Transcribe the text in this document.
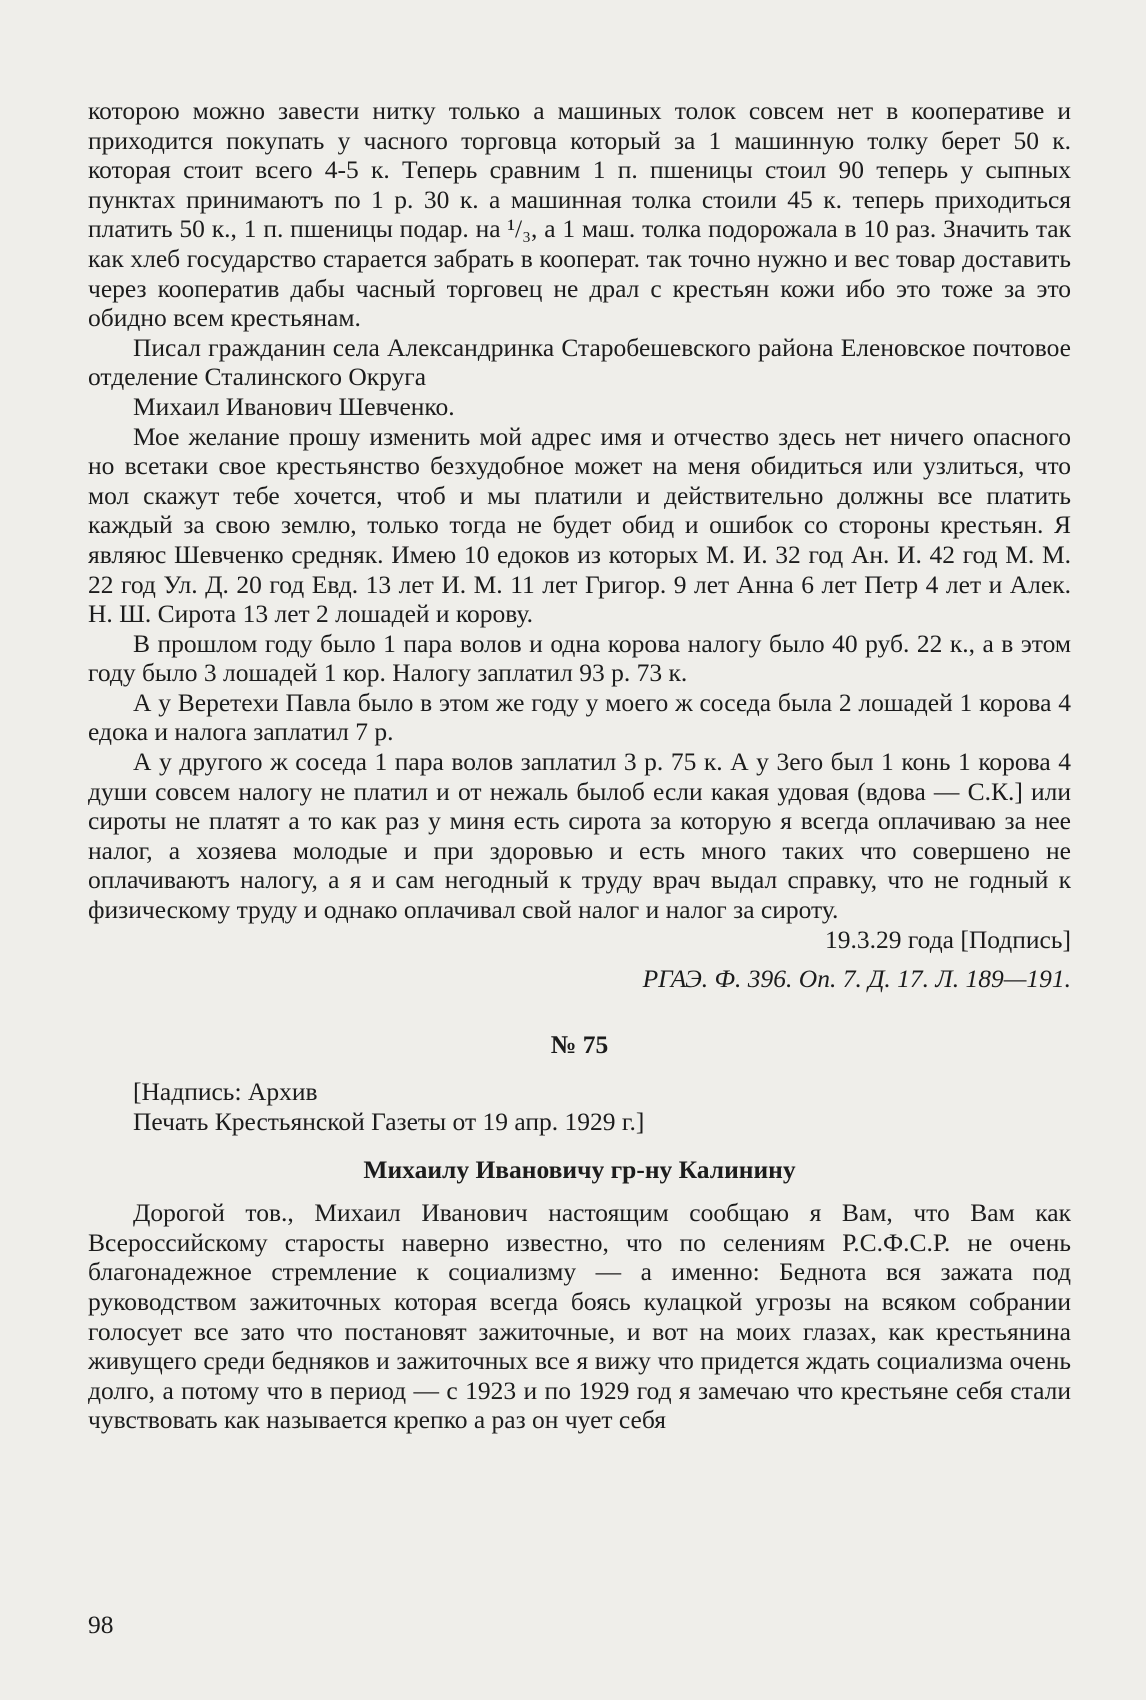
которою можно завести нитку только а машиных толок совсем нет в кооперативе и приходится покупать у часного торговца который за 1 машинную толку берет 50 к. которая стоит всего 4-5 к. Теперь сравним 1 п. пшеницы стоил 90 теперь у сыпных пунктах принимаютъ по 1 р. 30 к. а машинная толка стоили 45 к. теперь приходиться платить 50 к., 1 п. пшеницы подар. на ¹/₃, а 1 маш. толка подорожала в 10 раз. Значить так как хлеб государство старается забрать в кооперат. так точно нужно и вес товар доставить через кооператив дабы часный торговец не драл с крестьян кожи ибо это тоже за это обидно всем крестьянам.

Писал гражданин села Александринка Старобешевского района Еленовское почтовое отделение Сталинского Округа

Михаил Иванович Шевченко.

Мое желание прошу изменить мой адрес имя и отчество здесь нет ничего опасного но всетаки свое крестьянство безхудобное может на меня обидиться или узлиться, что мол скажут тебе хочется, чтоб и мы платили и действительно должны все платить каждый за свою землю, только тогда не будет обид и ошибок со стороны крестьян. Я являюс Шевченко средняк. Имею 10 едоков из которых М. И. 32 год Ан. И. 42 год М. М. 22 год Ул. Д. 20 год Евд. 13 лет И. М. 11 лет Григор. 9 лет Анна 6 лет Петр 4 лет и Алек. Н. Ш. Сирота 13 лет 2 лошадей и корову.

В прошлом году было 1 пара волов и одна корова налогу было 40 руб. 22 к., а в этом году было 3 лошадей 1 кор. Налогу заплатил 93 р. 73 к.

А у Веретехи Павла было в этом же году у моего ж соседа была 2 лошадей 1 корова 4 едока и налога заплатил 7 р.

А у другого ж соседа 1 пара волов заплатил 3 р. 75 к. А у 3его был 1 конь 1 корова 4 души совсем налогу не платил и от нежаль былоб если какая удовая (вдова — С.К.] или сироты не платят а то как раз у миня есть сирота за которую я всегда оплачиваю за нее налог, а хозяева молодые и при здоровью и есть много таких что совершено не оплачиваютъ налогу, а я и сам негодный к труду врач выдал справку, что не годный к физическому труду и однако оплачивал свой налог и налог за сироту.

19.3.29 года [Подпись]

РГАЭ. Ф. 396. Оп. 7. Д. 17. Л. 189—191.

№ 75

[Надпись: Архив

Печать Крестьянской Газеты от 19 апр. 1929 г.]

Михаилу Ивановичу гр-ну Калинину

Дорогой тов., Михаил Иванович настоящим сообщаю я Вам, что Вам как Всероссийскому старосты наверно известно, что по селениям Р.С.Ф.С.Р. не очень благонадежное стремление к социализму — а именно: Беднота вся зажата под руководством зажиточных которая всегда боясь кулацкой угрозы на всяком собрании голосует все зато что постановят зажиточные, и вот на моих глазах, как крестьянина живущего среди бедняков и зажиточных все я вижу что придется ждать социализма очень долго, а потому что в период — с 1923 и по 1929 год я замечаю что крестьяне себя стали чувствовать как называется крепко а раз он чует себя

98
